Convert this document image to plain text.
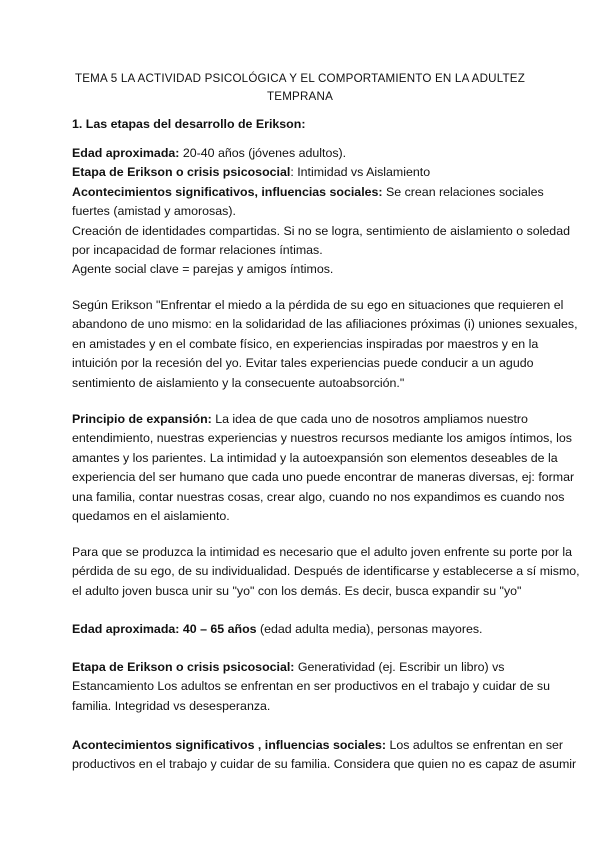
TEMA 5 LA ACTIVIDAD PSICOLÓGICA Y EL COMPORTAMIENTO EN LA ADULTEZ
TEMPRANA
1. Las etapas del desarrollo de Erikson:
Edad aproximada: 20-40 años (jóvenes adultos).
Etapa de Erikson o crisis psicosocial: Intimidad vs Aislamiento
Acontecimientos significativos, influencias sociales: Se crean relaciones sociales
fuertes (amistad y amorosas).
Creación de identidades compartidas. Si no se logra, sentimiento de aislamiento o soledad
por incapacidad de formar relaciones íntimas.
Agente social clave = parejas y amigos íntimos.
Según Erikson "Enfrentar el miedo a la pérdida de su ego en situaciones que requieren el
abandono de uno mismo: en la solidaridad de las afiliaciones próximas (i) uniones sexuales,
en amistades y en el combate físico, en experiencias inspiradas por maestros y en la
intuición por la recesión del yo. Evitar tales experiencias puede conducir a un agudo
sentimiento de aislamiento y la consecuente autoabsorción."
Principio de expansión: La idea de que cada uno de nosotros ampliamos nuestro
entendimiento, nuestras experiencias y nuestros recursos mediante los amigos íntimos, los
amantes y los parientes. La intimidad y la autoexpansión son elementos deseables de la
experiencia del ser humano que cada uno puede encontrar de maneras diversas, ej: formar
una familia, contar nuestras cosas, crear algo, cuando no nos expandimos es cuando nos
quedamos en el aislamiento.
Para que se produzca la intimidad es necesario que el adulto joven enfrente su porte por la
pérdida de su ego, de su individualidad. Después de identificarse y establecerse a sí mismo,
el adulto joven busca unir su "yo" con los demás. Es decir, busca expandir su "yo"
Edad aproximada: 40 – 65 años (edad adulta media), personas mayores.
Etapa de Erikson o crisis psicosocial: Generatividad (ej. Escribir un libro) vs
Estancamiento Los adultos se enfrentan en ser productivos en el trabajo y cuidar de su
familia. Integridad vs desesperanza.
Acontecimientos significativos , influencias sociales: Los adultos se enfrentan en ser
productivos en el trabajo y cuidar de su familia. Considera que quien no es capaz de asumir
